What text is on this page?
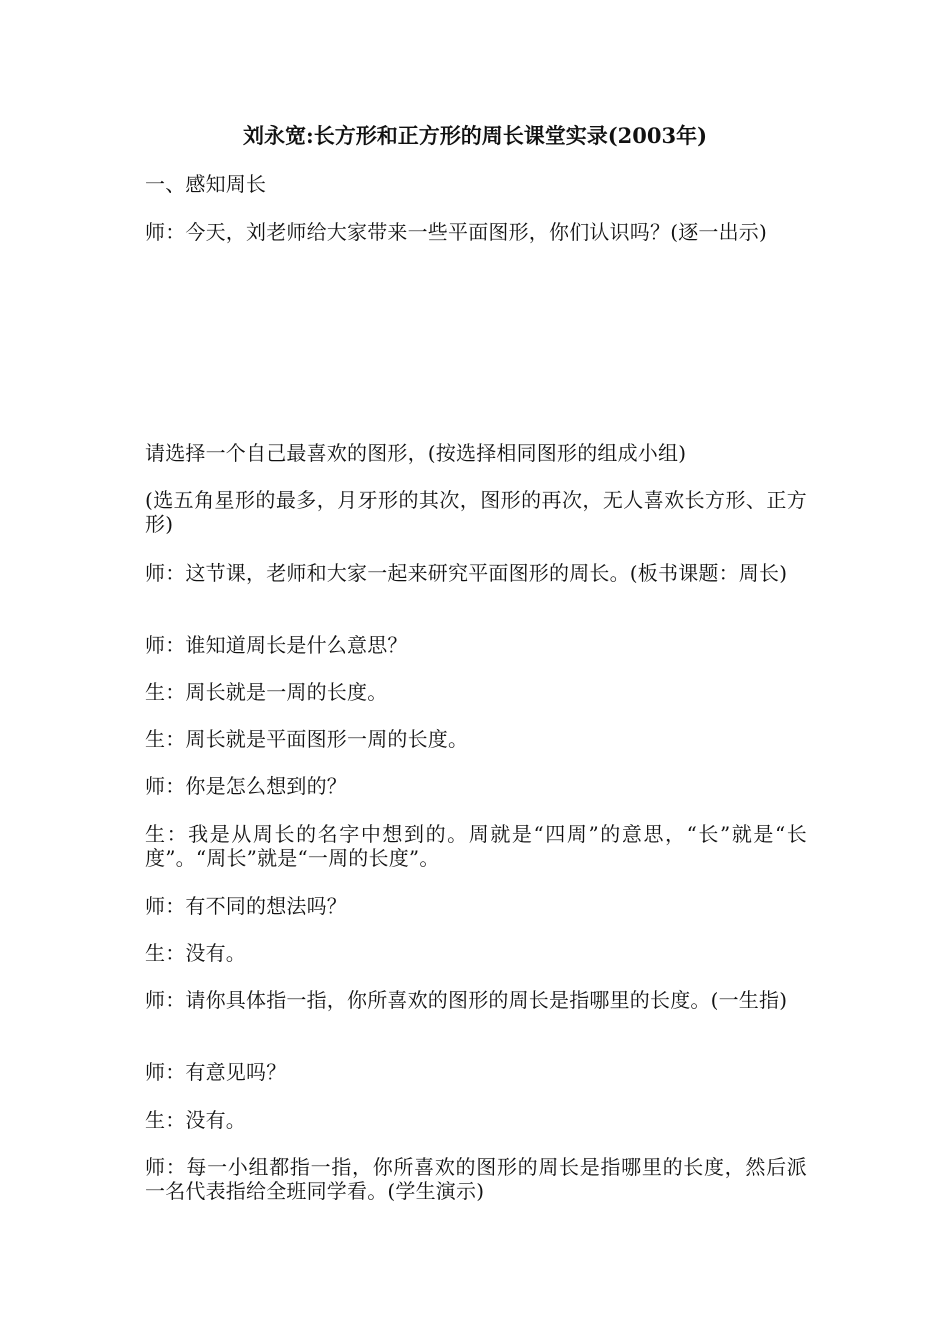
刘永宽:长方形和正方形的周长课堂实录(2003年)

一、感知周长

师：今天，刘老师给大家带来一些平面图形，你们认识吗？(逐一出示)

请选择一个自己最喜欢的图形，(按选择相同图形的组成小组)

(选五角星形的最多，月牙形的其次，图形的再次，无人喜欢长方形、正方形)

师：这节课，老师和大家一起来研究平面图形的周长。(板书课题：周长)

师：谁知道周长是什么意思？

生：周长就是一周的长度。

生：周长就是平面图形一周的长度。

师：你是怎么想到的？

生：我是从周长的名字中想到的。周就是“四周”的意思，“长”就是“长度”。“周长”就是“一周的长度”。

师：有不同的想法吗？

生：没有。

师：请你具体指一指，你所喜欢的图形的周长是指哪里的长度。(一生指)

师：有意见吗？

生：没有。

师：每一小组都指一指，你所喜欢的图形的周长是指哪里的长度，然后派一名代表指给全班同学看。(学生演示)
